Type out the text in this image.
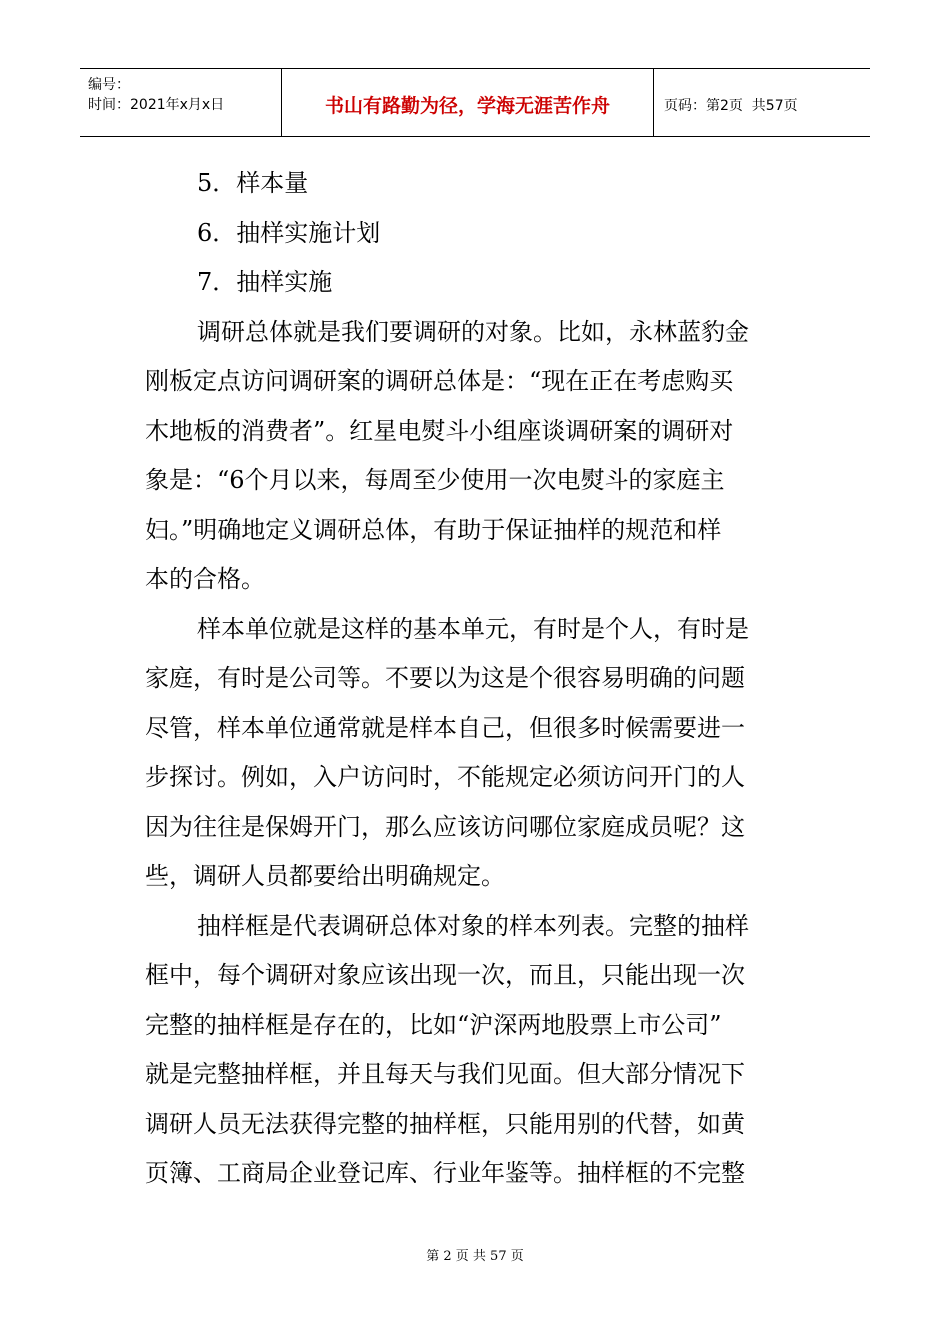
编号：
时间：2021年x月x日	书山有路勤为径，学海无涯苦作舟	页码：第2页  共57页
5．样本量
6．抽样实施计划
7．抽样实施
调研总体就是我们要调研的对象。比如，永林蓝豹金
刚板定点访问调研案的调研总体是：“现在正在考虑购买
木地板的消费者”。红星电熨斗小组座谈调研案的调研对
象是：“6个月以来，每周至少使用一次电熨斗的家庭主
妇。”明确地定义调研总体，有助于保证抽样的规范和样
本的合格。
样本单位就是这样的基本单元，有时是个人，有时是
家庭，有时是公司等。不要以为这是个很容易明确的问题
尽管，样本单位通常就是样本自己，但很多时候需要进一
步探讨。例如，入户访问时，不能规定必须访问开门的人
因为往往是保姆开门，那么应该访问哪位家庭成员呢？这
些，调研人员都要给出明确规定。
抽样框是代表调研总体对象的样本列表。完整的抽样
框中，每个调研对象应该出现一次，而且，只能出现一次
完整的抽样框是存在的，比如“沪深两地股票上市公司”
就是完整抽样框，并且每天与我们见面。但大部分情况下
调研人员无法获得完整的抽样框，只能用别的代替，如黄
页簿、工商局企业登记库、行业年鉴等。抽样框的不完整
第 2 页 共 57 页
